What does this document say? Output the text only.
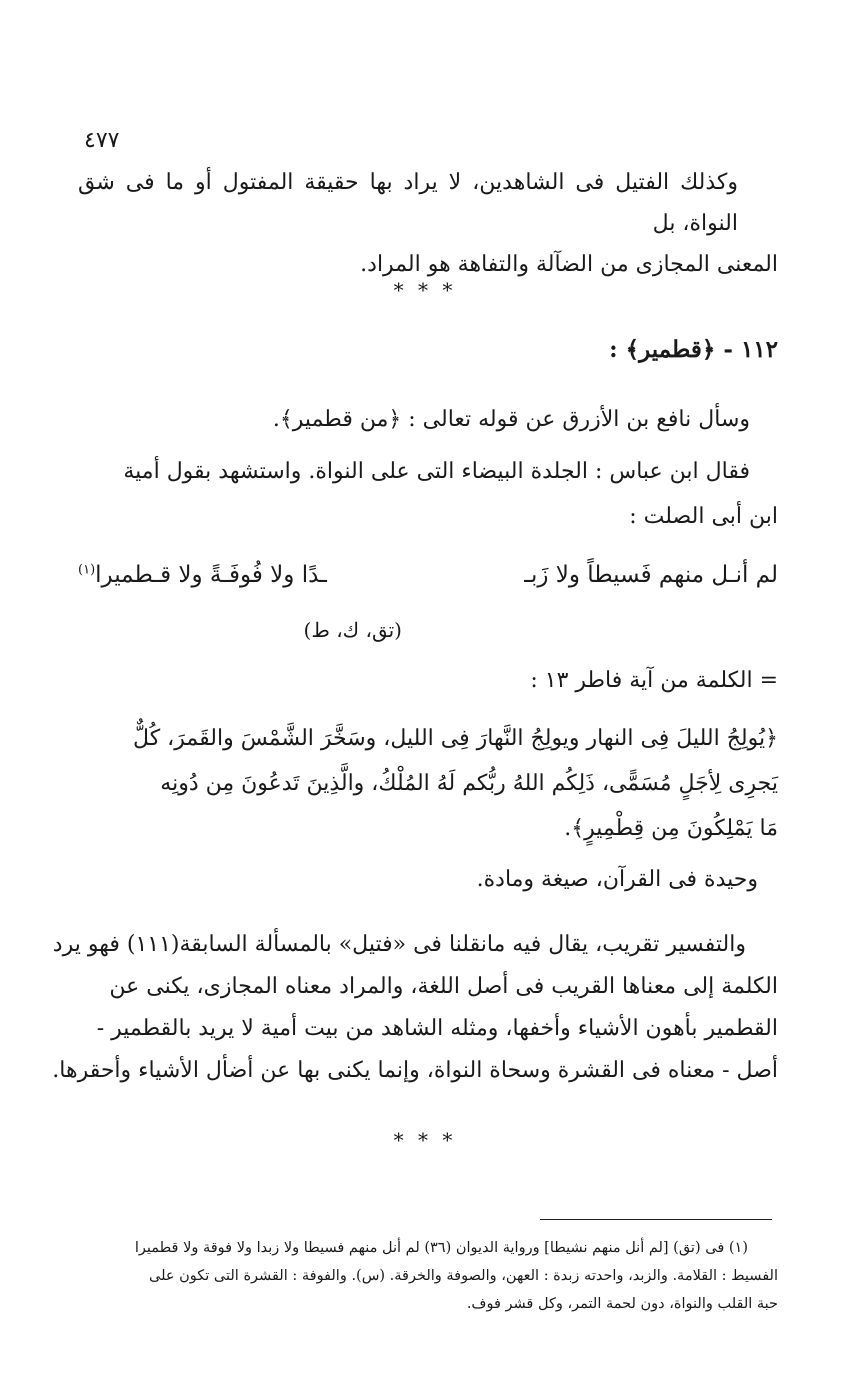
٤٧٧
وكذلك الفتيل فى الشاهدين، لا يراد بها حقيقة المفتول أو ما فى شق النواة، بل
المعنى المجازى من الضآلة والتفاهة هو المراد.
* * *
١١٢ - ﴿قطمير﴾ :
وسأل نافع بن الأزرق عن قوله تعالى : ﴿من قطمير﴾.
فقال ابن عباس : الجلدة البيضاء التى على النواة. واستشهد بقول أمية
ابن أبى الصلت :
لم أنـل منهم فَسيطاً ولا زَبـ
ـدًا ولا فُوفَـةً ولا قـطميرا$^{(١)}$
(تق، ك، ط)
= الكلمة من آية فاطر ١٣ :
﴿يُولِجُ الليلَ فِى النهار ويولِجُ النَّهارَ فِى الليل، وسَخَّرَ الشَّمْسَ والقَمرَ، كُلٌّ
يَجرِى لِأجَلٍ مُسَمًّى، ذَلِكُم اللهُ ربُّكم لَهُ المُلْكُ، والَّذِينَ تَدعُونَ مِن دُونِه
مَا يَمْلِكُونَ مِن قِطْمِيرٍ﴾.
وحيدة فى القرآن، صيغة ومادة.
والتفسير تقريب، يقال فيه مانقلنا فى «فتيل» بالمسألة السابقة(١١١) فهو يرد
الكلمة إلى معناها القريب فى أصل اللغة، والمراد معناه المجازى، يكنى عن
القطمير بأهون الأشياء وأخفها، ومثله الشاهد من بيت أمية لا يريد بالقطمير -
أصل - معناه فى القشرة وسحاة النواة، وإنما يكنى بها عن أضأل الأشياء وأحقرها.
* * *
(١) فى (تق) [لم أنل منهم نشيطا] ورواية الديوان (٣٦) لم أنل منهم فسيطا ولا زبدا ولا فوقة ولا قطميرا
الفسيط : القلامة. والزبد، واحدته زبدة : العهن، والصوفة والخرقة. (س). والفوفة : القشرة التى تكون على
حبة القلب والنواة، دون لحمة التمر، وكل قشر فوف.
